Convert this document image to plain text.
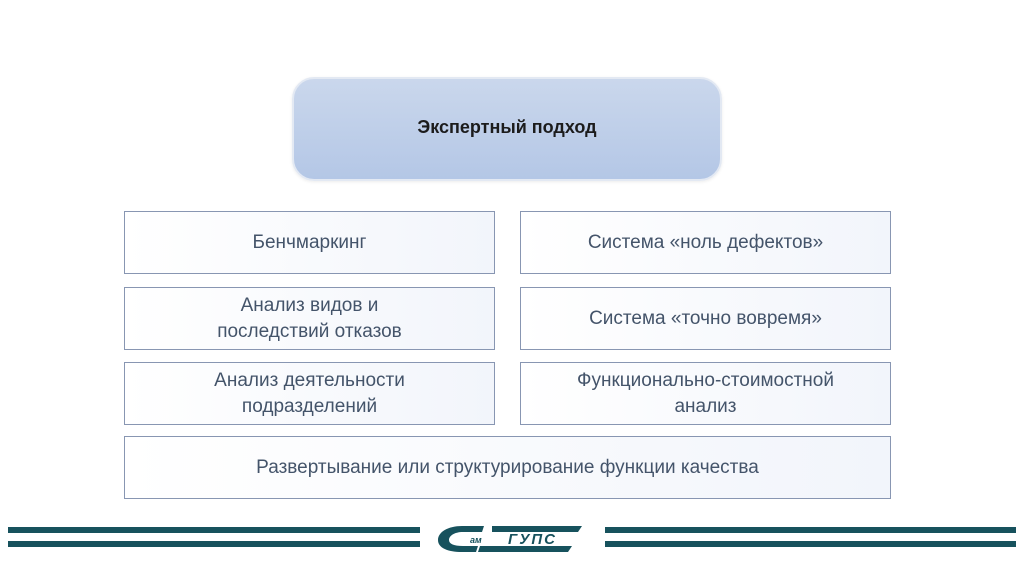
Экспертный подход
Бенчмаркинг	Система «ноль дефектов»
Анализ видов и
последствий отказов
Система «точно вовремя»
Анализ деятельности
подразделений
Функционально-стоимостной
анализ
Развертывание или структурирование функции качества
ам ГУПС
